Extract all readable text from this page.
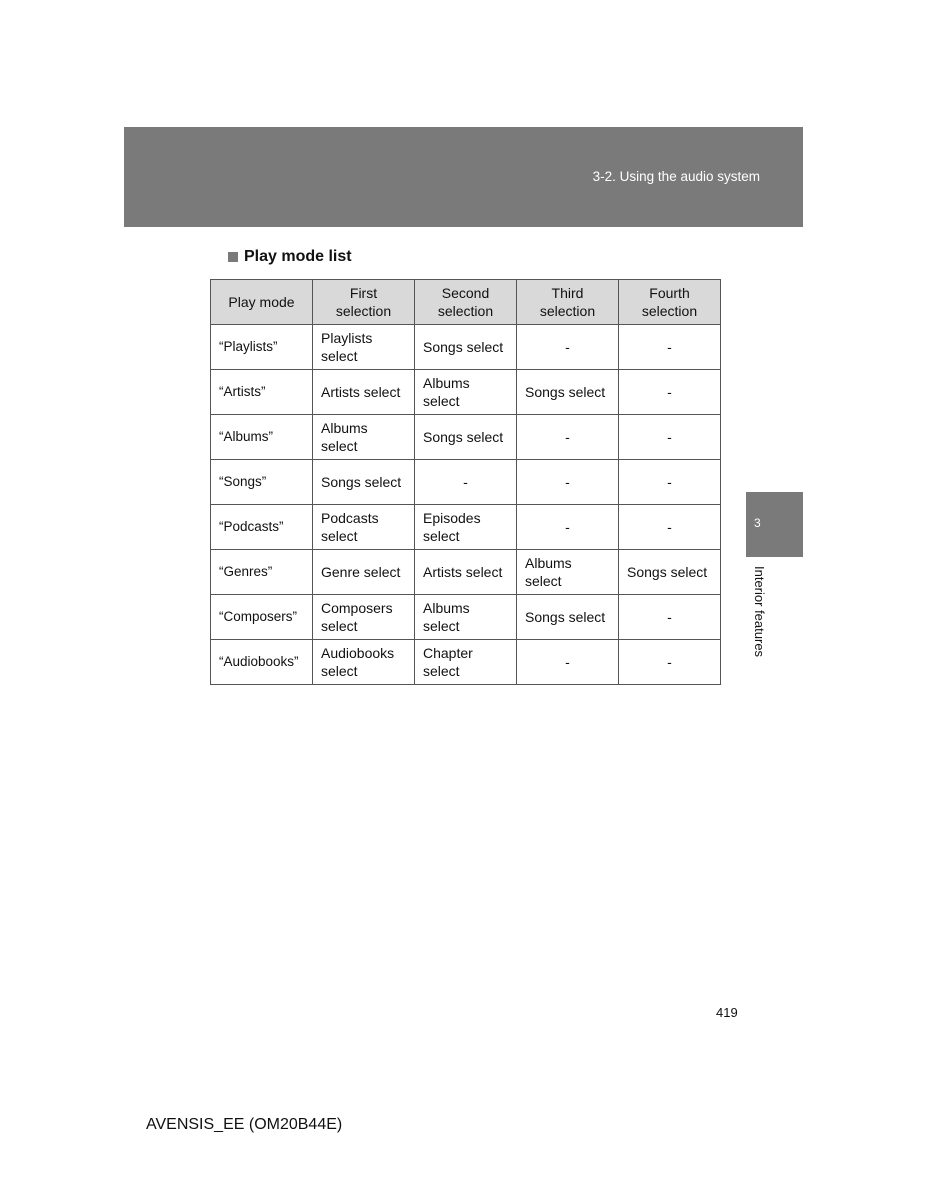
3-2. Using the audio system
Play mode list
Play mode	First selection	Second selection	Third selection	Fourth selection
“Playlists”	Playlists select	Songs select	-	-
“Artists”	Artists select	Albums select	Songs select	-
“Albums”	Albums select	Songs select	-	-
“Songs”	Songs select	-	-	-
“Podcasts”	Podcasts select	Episodes select	-	-
“Genres”	Genre select	Artists select	Albums select	Songs select
“Composers”	Composers select	Albums select	Songs select	-
“Audiobooks”	Audiobooks select	Chapter select	-	-
3
Interior features
419
AVENSIS_EE (OM20B44E)
